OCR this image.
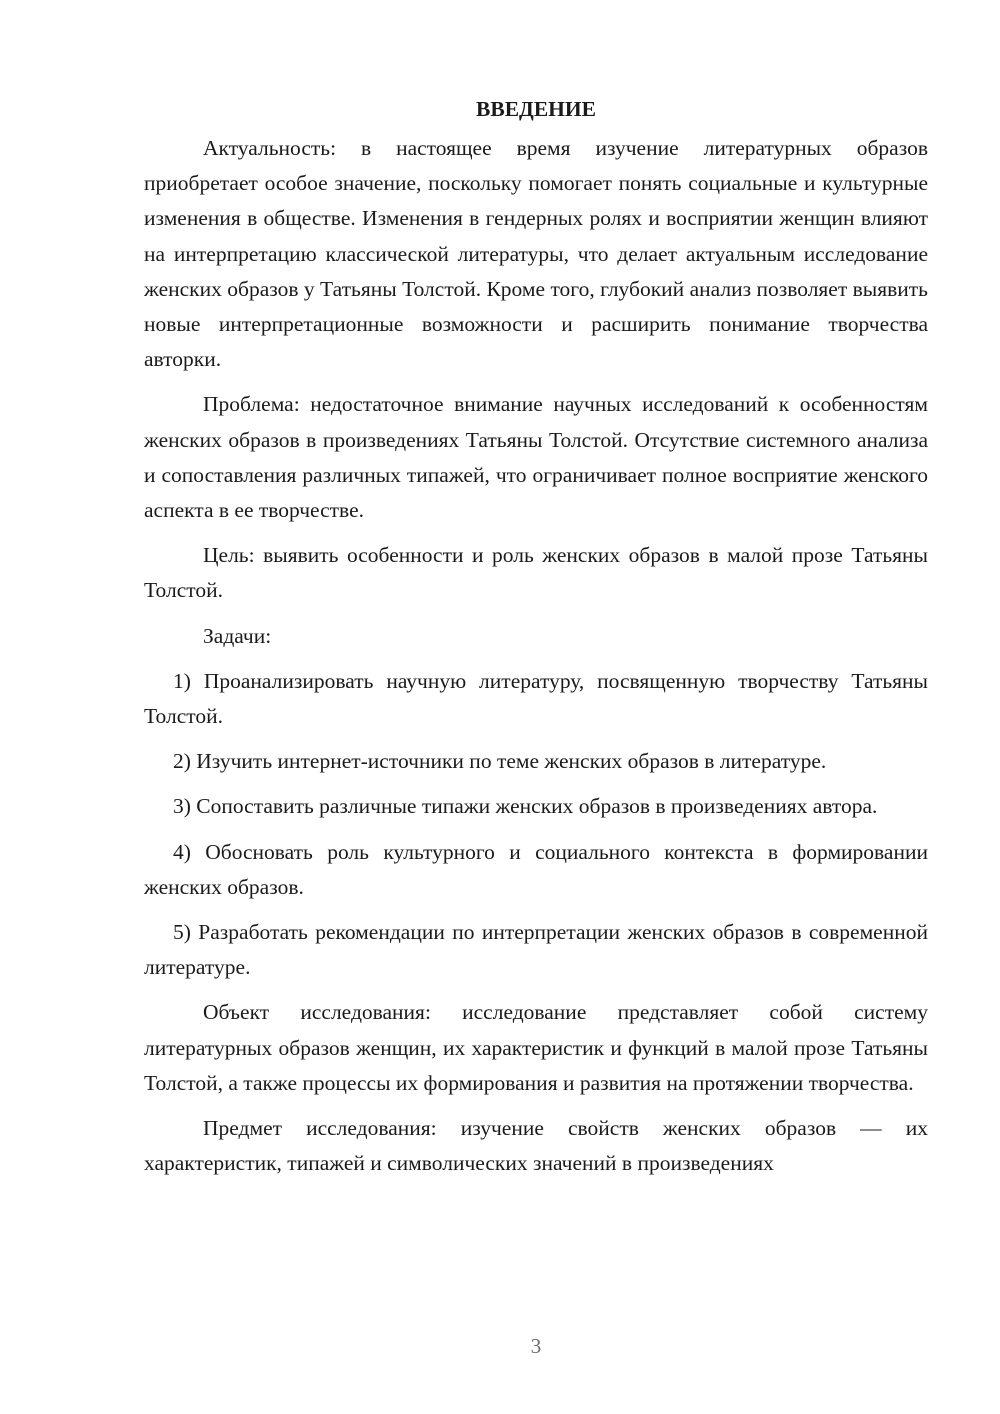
ВВЕДЕНИЕ

Актуальность: в настоящее время изучение литературных образов приобретает особое значение, поскольку помогает понять социальные и культурные изменения в обществе. Изменения в гендерных ролях и восприятии женщин влияют на интерпретацию классической литературы, что делает актуальным исследование женских образов у Татьяны Толстой. Кроме того, глубокий анализ позволяет выявить новые интерпретационные возможности и расширить понимание творчества авторки.

Проблема: недостаточное внимание научных исследований к особенностям женских образов в произведениях Татьяны Толстой. Отсутствие системного анализа и сопоставления различных типажей, что ограничивает полное восприятие женского аспекта в ее творчестве.

Цель: выявить особенности и роль женских образов в малой прозе Татьяны Толстой.

Задачи:

1) Проанализировать научную литературу, посвященную творчеству Татьяны Толстой.

2) Изучить интернет-источники по теме женских образов в литературе.

3) Сопоставить различные типажи женских образов в произведениях автора.

4) Обосновать роль культурного и социального контекста в формировании женских образов.

5) Разработать рекомендации по интерпретации женских образов в современной литературе.

Объект исследования: исследование представляет собой систему литературных образов женщин, их характеристик и функций в малой прозе Татьяны Толстой, а также процессы их формирования и развития на протяжении творчества.

Предмет исследования: изучение свойств женских образов — их характеристик, типажей и символических значений в произведениях

3
